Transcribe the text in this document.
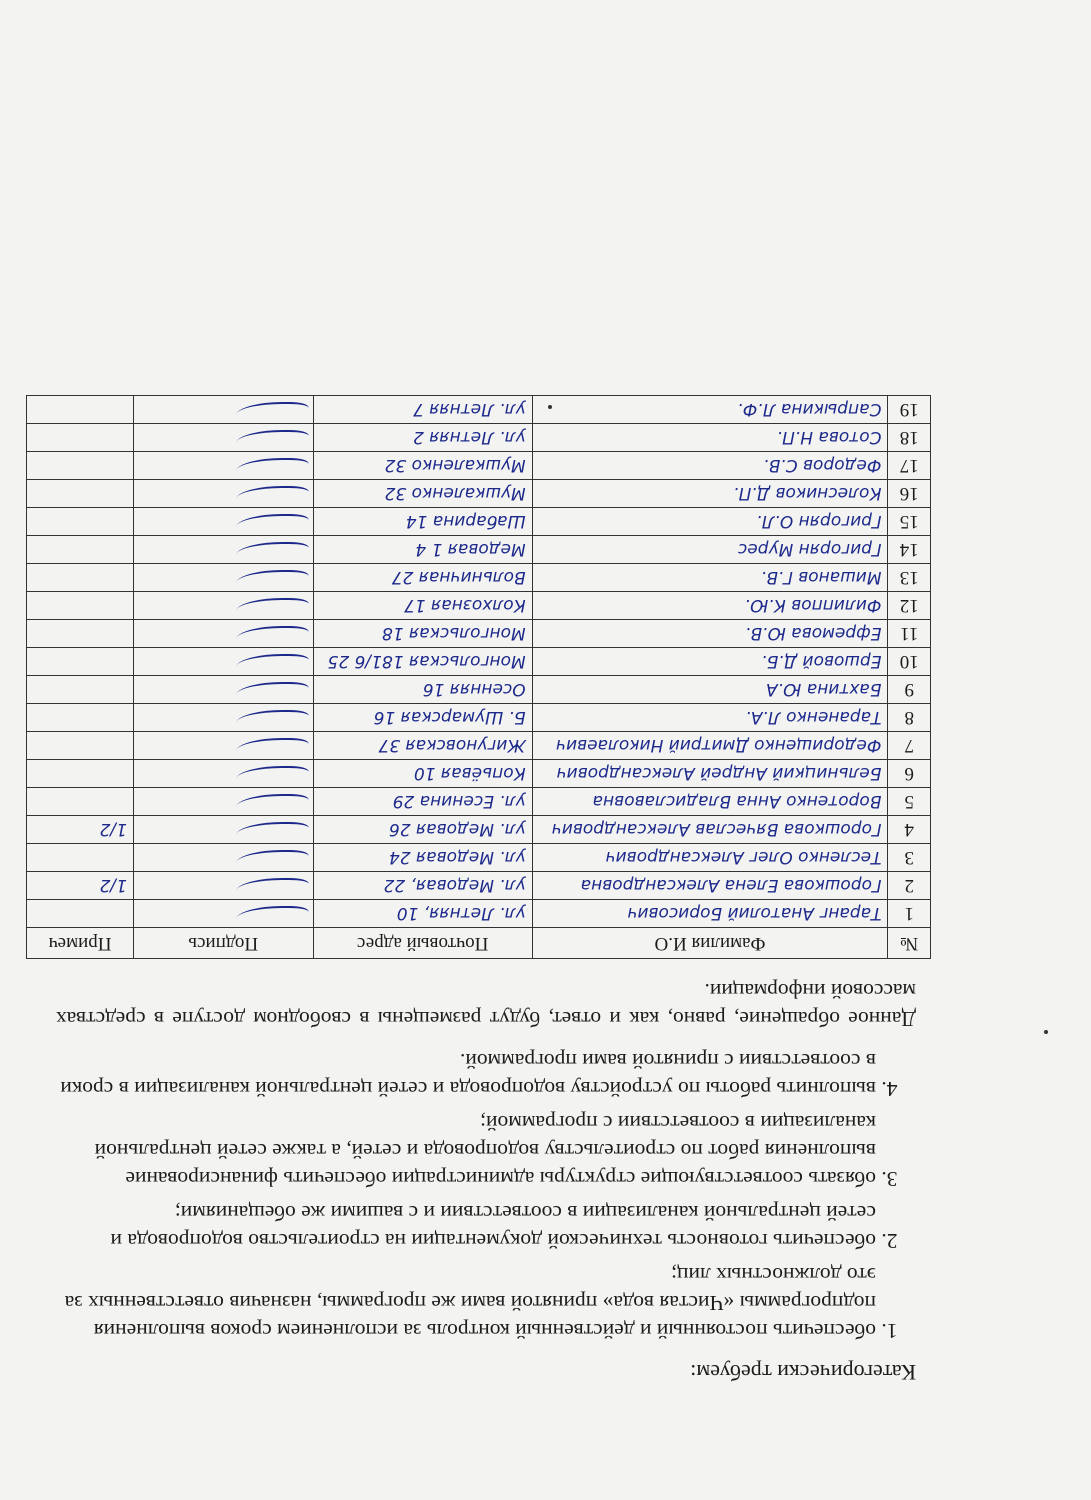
Категорически требуем:

1. обеспечить постоянный и действенный контроль за исполнением сроков выполнения подпрограммы «Чистая вода» принятой вами же программы, назначив ответственных за это должностных лиц;
2. обеспечить готовность технической документации на строительство водопровода и сетей центральной канализации в соответствии и с вашими же обещаниями;
3. обязать соответствующие структуры администрации обеспечить финансирование выполнения работ по строительству водопровода и сетей, а также сетей центральной канализации в соответствии с программой;
4. выполнить работы по устройству водопровода и сетей центральной канализации в сроки в соответствии с принятой вами программой.

Данное обращение, равно, как и ответ, будут размещены в свободном доступе в средствах массовой информации.

№	Фамилия И.О	Почтовый адрес	Подпись	Примеч
1	Таранг Анатолий Борисович	ул. Летняя, 10		
2	Горошкова Елена Александровна	ул. Медовая, 22		1/2
3	Тесленко Олег Александрович	ул. Медовая 24		
4	Горошкова Вячеслав Александрович	ул. Медовая 26		1/2
5	Воротенко Анна Владиславовна	ул. Есенина 29		
6	Бельницкий Андрей Александрович	Копьёвая 10		
7	Федорищенко Дмитрий Николаевич	Жигуновская 37		
8	Тараненко Л.А.	Б. Шумарская 16		
9	Бахтина Ю.А	Осенняя 16		
10	Ершовой Д.Б.	Монгольская 181/6 25		
11	Ефремова Ю.В.	Монгольская 18		
12	Филиппов К.Ю.	Колхозная 17		
13	Мишанов Г.В.	Вольничная 27		
14	Григорян Мурес	Медовая 1 4		
15	Григорян О.Л.	Шабарина 14		
16	Колесников Д.П.	Мушкаленко 32		
17	Федоров С.В.	Мушкаленко 32		
18	Сотова Н.П.	ул. Летняя 2		
19	Сапрыкина Л.Ф.	ул. Летняя 7		
